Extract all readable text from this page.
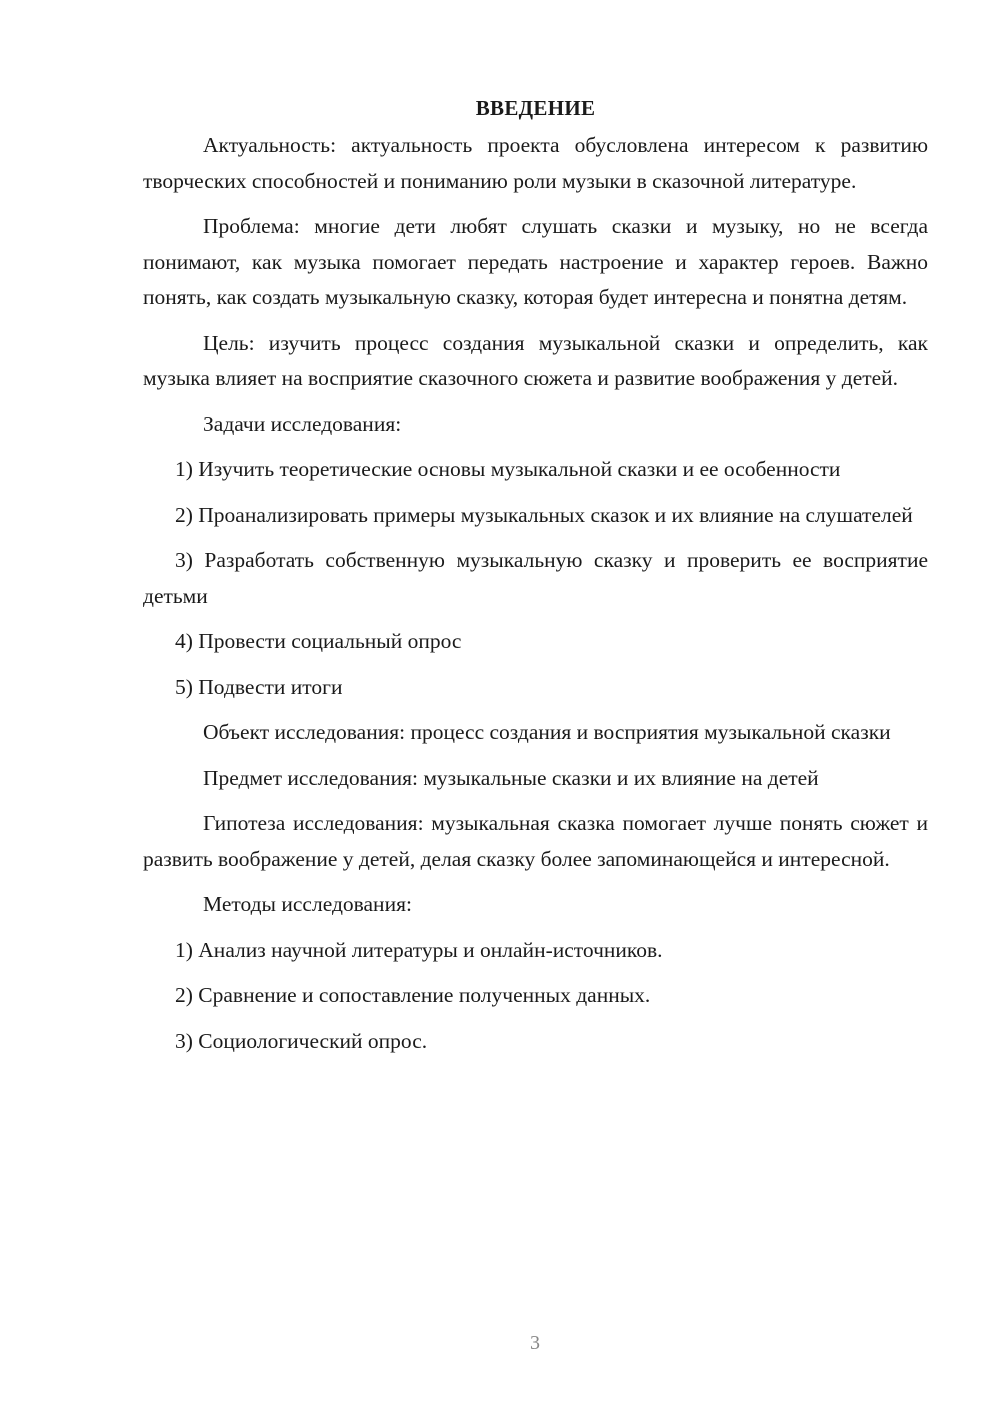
ВВЕДЕНИЕ

Актуальность: актуальность проекта обусловлена интересом к развитию творческих способностей и пониманию роли музыки в сказочной литературе.

Проблема: многие дети любят слушать сказки и музыку, но не всегда понимают, как музыка помогает передать настроение и характер героев. Важно понять, как создать музыкальную сказку, которая будет интересна и понятна детям.

Цель: изучить процесс создания музыкальной сказки и определить, как музыка влияет на восприятие сказочного сюжета и развитие воображения у детей.

Задачи исследования:

1) Изучить теоретические основы музыкальной сказки и ее особенности

2) Проанализировать примеры музыкальных сказок и их влияние на слушателей

3) Разработать собственную музыкальную сказку и проверить ее восприятие детьми

4) Провести социальный опрос

5) Подвести итоги

Объект исследования: процесс создания и восприятия музыкальной сказки

Предмет исследования: музыкальные сказки и их влияние на детей

Гипотеза исследования: музыкальная сказка помогает лучше понять сюжет и развить воображение у детей, делая сказку более запоминающейся и интересной.

Методы исследования:

1) Анализ научной литературы и онлайн-источников.

2) Сравнение и сопоставление полученных данных.

3) Социологический опрос.

3
